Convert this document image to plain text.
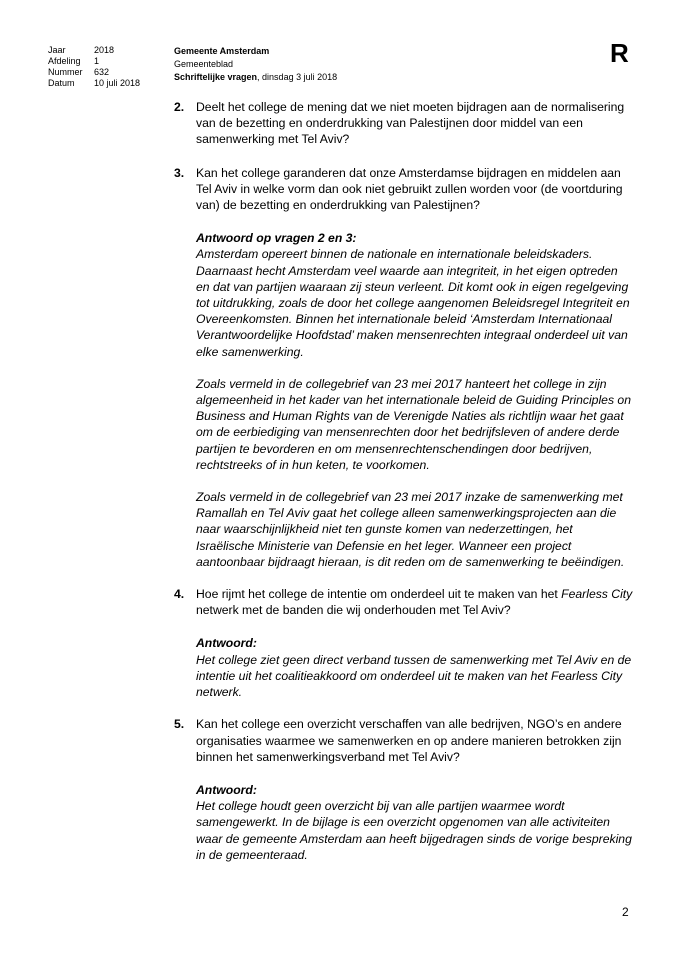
Jaar	2018
Afdeling	1
Nummer	632
Datum	10 juli 2018
Gemeente Amsterdam
Gemeenteblad
Schriftelijke vragen, dinsdag 3 juli 2018
R
2. Deelt het college de mening dat we niet moeten bijdragen aan de normalisering van de bezetting en onderdrukking van Palestijnen door middel van een samenwerking met Tel Aviv?
3. Kan het college garanderen dat onze Amsterdamse bijdragen en middelen aan Tel Aviv in welke vorm dan ook niet gebruikt zullen worden voor (de voortduring van) de bezetting en onderdrukking van Palestijnen?
Antwoord op vragen 2 en 3:

Amsterdam opereert binnen de nationale en internationale beleidskaders. Daarnaast hecht Amsterdam veel waarde aan integriteit, in het eigen optreden en dat van partijen waaraan zij steun verleent. Dit komt ook in eigen regelgeving tot uitdrukking, zoals de door het college aangenomen Beleidsregel Integriteit en Overeenkomsten. Binnen het internationale beleid ‘Amsterdam Internationaal Verantwoordelijke Hoofdstad’ maken mensenrechten integraal onderdeel uit van elke samenwerking.

Zoals vermeld in de collegebrief van 23 mei 2017 hanteert het college in zijn algemeenheid in het kader van het internationale beleid de Guiding Principles on Business and Human Rights van de Verenigde Naties als richtlijn waar het gaat om de eerbiediging van mensenrechten door het bedrijfsleven of andere derde partijen te bevorderen en om mensenrechtenschendingen door bedrijven, rechtstreeks of in hun keten, te voorkomen.

Zoals vermeld in de collegebrief van 23 mei 2017 inzake de samenwerking met Ramallah en Tel Aviv gaat het college alleen samenwerkingsprojecten aan die naar waarschijnlijkheid niet ten gunste komen van nederzettingen, het Israëlische Ministerie van Defensie en het leger. Wanneer een project aantoonbaar bijdraagt hieraan, is dit reden om de samenwerking te beëindigen.

4. Hoe rijmt het college de intentie om onderdeel uit te maken van het Fearless City netwerk met de banden die wij onderhouden met Tel Aviv?
Antwoord:

Het college ziet geen direct verband tussen de samenwerking met Tel Aviv en de intentie uit het coalitieakkoord om onderdeel uit te maken van het Fearless City netwerk.

5. Kan het college een overzicht verschaffen van alle bedrijven, NGO’s en andere organisaties waarmee we samenwerken en op andere manieren betrokken zijn binnen het samenwerkingsverband met Tel Aviv?
Antwoord:

Het college houdt geen overzicht bij van alle partijen waarmee wordt samengewerkt. In de bijlage is een overzicht opgenomen van alle activiteiten waar de gemeente Amsterdam aan heeft bijgedragen sinds de vorige bespreking in de gemeenteraad.

2
